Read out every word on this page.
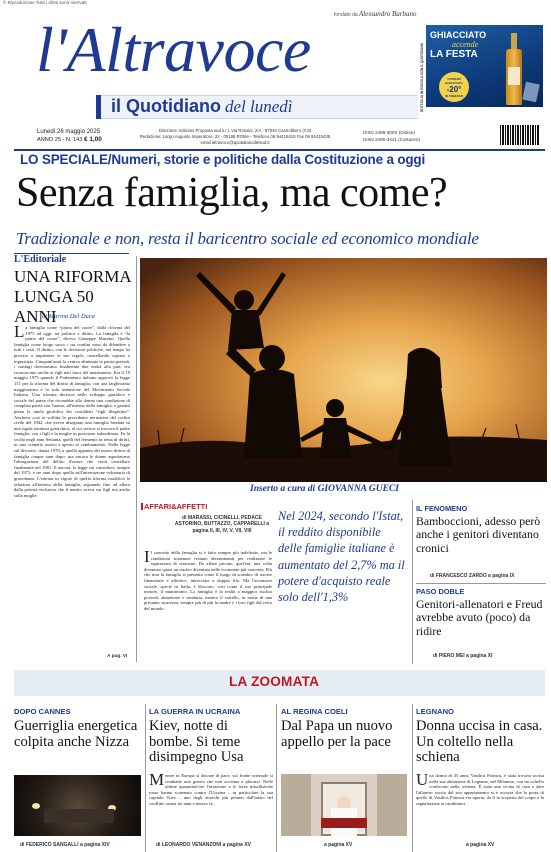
© Riproduzione Tutti i diritti sono riservati
l'Altravoce	fondato da Alessandro Barbano
il Quotidiano del lunedì
GHIACCIATO
accende
LA FESTA
CONSUMI GHIACCIATO
-20°
IN FREEZER
BOTTIGLIA IN EDICOLA CON IL QUOTIDIANO
Lunedì 26 maggio 2025
ANNO 25 - N. 143 € 1,00
Direzione: Edizioni Proposta sud s.r.l. Via Rossini, 2/A - 87040 Castrolibero (CS)
Redazione: Largo Augusto Imperatore, 22 - 00186 ROMA - Telefono 06 94415419 Fax 06 94415435
email altravoce@quotidianodelsud.it
ISSN 2499-300X (Online)
ISSN 2499-3441 (Cartaceo)
LO SPECIALE/Numeri, storie e politiche dalla Costituzione a oggi
Senza famiglia, ma come?
Tradizionale e non, resta il baricentro sociale ed economico mondiale
L'Editoriale
UNA RIFORMA LUNGA 50 ANNI
di Marina Del Duca
La famiglia come “patria del cuore”, dalla riforma del 1975 ad oggi, tra politica e diritto. La famiglia è “la patria del cuore”, diceva Giuseppe Mazzini. Quella famiglia come luogo sacro i cui confini sono da difendere a tutti i costi. Il diritto, con le decisioni politiche, nel tempo ha provato a imprimere le sue regole, cancellando soprusi e ingiustizie. Cinquant'anni fa veniva eliminata la patria potestà, i coniugi diventavano finalmente due entità alla pari, era riconosciuto anche ai figli nati fuori del matrimonio. Era il 19 maggio 1975 quando il Parlamento italiano approvò la legge 151 per la riforma del diritto di famiglia, con una larghissima maggioranza e la sola astensione del Movimento Sociale Italiano. Una riforma decisiva nello sviluppo giuridico e sociale del paese che riconobbe alla donna una condizione di completa parità con l'uomo, all'interno della famiglia, e garantì piena la tutela giuridica dei cosiddetti “figli illegittimi”. Ancheva così in soffitta la precedente normativa del codice civile del 1942, che aveva disegnato una famiglia fondata su una rigida struttura gerarchica, al cui vertice si trovava il padre famiglia, con i figli e la moglie in posizione subordinata. Fu la svolta negli anni Settanta, quelli del fermento in tema di diritti, in uno scenario nuovo e aperto al cambiamento. Dalla legge sul divorzio, datata 1970, a quella appunto del nuovo diritto di famiglia cinque anni dopo: ma ancora le donne aspettavano l'abrogazione del delitto d'onore che verrà cancellato finalmente nel 1981. E ancora, la legge sui consultori, sempre del 1975, e tre anni dopo quella sull'interruzione volontaria di gravidanza. L'entrata in vigore di quella riforma modificò le relazioni all'interno della famiglia, segnando fino ad allora dalla potestà esclusiva che il marito aveva sui figli ma anche sulla moglie.
A pag. VI
Inserto a cura di GIOVANNA GUECI
AFFARI&AFFETTI
di MARASSI, CICINELLI, PEDACE ASTORINO, BUTTAZZO, CAPPARELLI a pagina II, III, IV, V, VII, VIII
Il concetto della famiglia si è fatto sempre più indefinito, ma le condizioni sostenute restano determinanti per realizzare le aspirazioni di ciascuno. Da affare privato, qual'era, una volta diventato quasi un nucleo diventata nelle economie più concreta. Più che mai la famiglia si presenta come il luogo di scambio di risorse finanziarie e affettive, intrecciate a doppio filo. Ma l'ascensore sociale, specie in Italia, è bloccato, così come il suo principale motore, il matrimonio. La famiglia è la realtà a maggior rischio povertà, alimentare e sanitaria, mentre il carrello, in nome di una presunta sicurezza, sempre più di più la madre e i loro figli dal resto del mondo.
Nel 2024, secondo l'Istat, il reddito disponibile delle famiglie italiane è aumentato del 2,7% ma il potere d'acquisto reale solo dell'1,3%
IL FENOMENO
Bamboccioni, adesso però anche i genitori diventano cronici
di FRANCESCO ZARDO a pagina IX
PASO DOBLE
Genitori-allenatori e Freud avrebbe avuto (poco) da ridire
di PIERO MEI a pagina XI
LA ZOOMATA
DOPO CANNES
Guerriglia energetica colpita anche Nizza
di FEDERICO SANGALLI a pagina XIV
LA GUERRA IN UCRAINA
Kiev, notte di bombe. Si teme disimpegno Usa
Mentre in Europa si discute di pace, sul fronte orientale si combatte una guerra che non accenna a placarsi. Nelle ultime quarantott'ore l'aviazione e le forze missilistiche russe hanno scatenato contro l'Ucraina – in particolare la sua capitale, Kiev – uno degli attacchi più pesanti dall'inizio del conflitto ormai tre anni e mezzo fa.
di LEONARDO VENANZONI a pagina XV
AL REGINA COELI
Dal Papa un nuovo appello per la pace
a pagina XV
LEGNANO
Donna uccisa in casa. Un coltello nella schiena
Una donna di 35 anni, Vasilica Potincu, è stata trovata uccisa nella sua abitazione di Legnano, nel Milanese, con un coltello conficcato nella schiena. È stata una vicina di casa a dare l'allarme: uscita dal suo appartamento si è accorta che la porta di quello di Vasilica Potincu era aperta, da lì la scoperta del corpo e la segnalazione ai carabinieri.
a pagina XV
